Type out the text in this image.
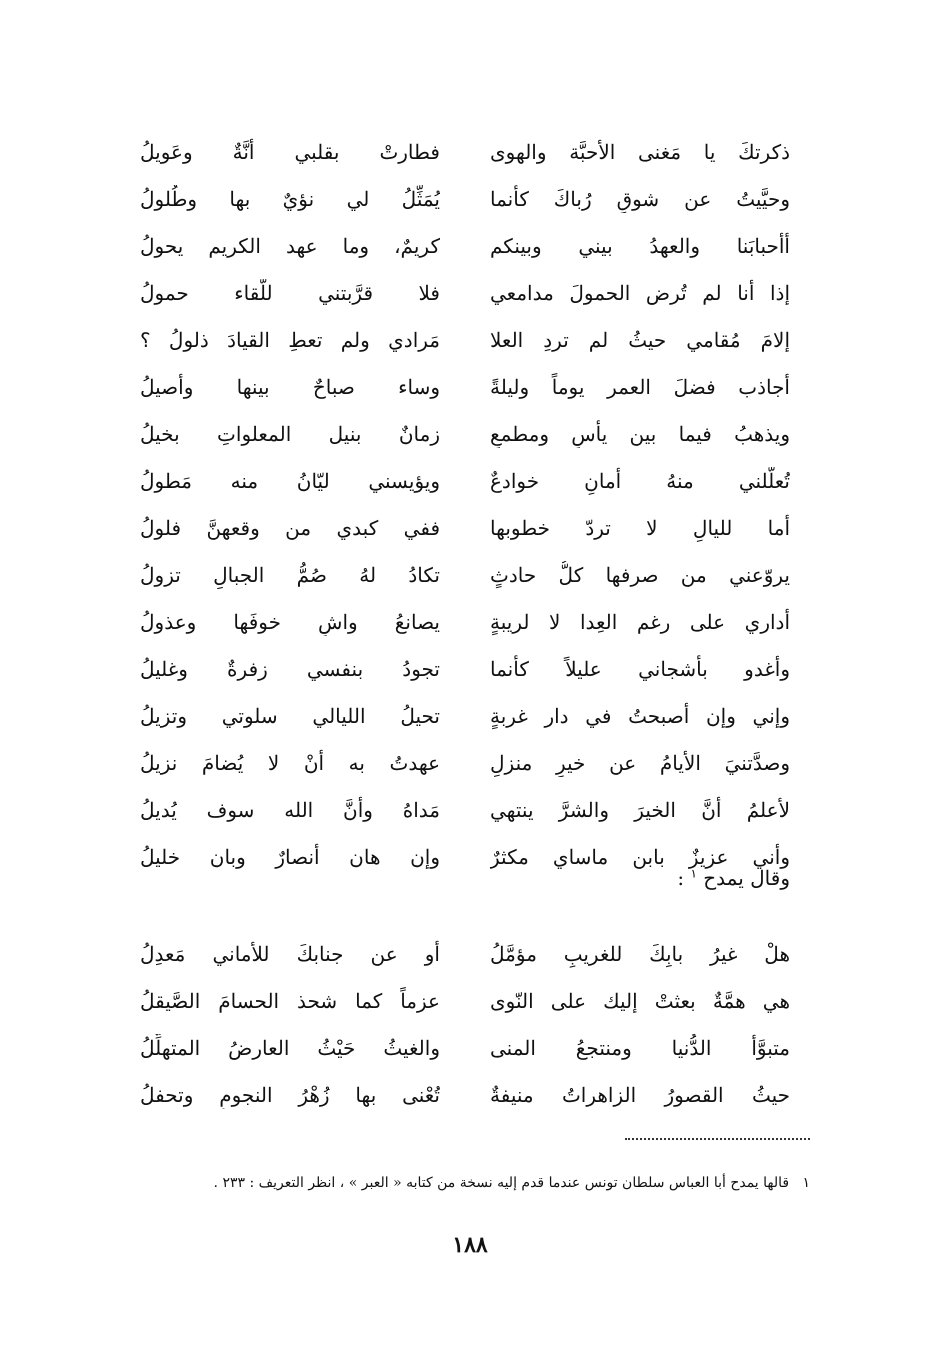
ذكرتكَ يا مَغنى الأحبَّة والهوى
فطارتْ بقلبي أنَّةٌ وعَويلُ
وحيَّيتُ عن شوقٍ رُباكَ كأنما
يُمَثِّلُ لي نؤيٌ بها وطُلولُ
أأحبابَنا والعهدُ بيني وبينكم
كريمٌ، وما عهد الكريم يحولُ
إذا أنا لم تُرضِ الحمولَ مدامعي
فلا قرَّبتني للّقاء حمولُ
إلامَ مُقامي حيثُ لم تردِ العلا
مَرادي ولم تعطِ القيادَ ذلولُ ؟
أجاذب فضلَ العمر يوماً وليلةً
وساء صباحٌ بينها وأصيلُ
ويذهبُ فيما بين يأسٍ ومطمعٍ
زمانٌ بنيل المعلواتِ بخيلُ
تُعلّلني منهُ أمانٍ خوادعٌ
ويؤيسني ليّانُ منه مَطولُ
أما لليالٍ لا تردّ خطوبها
ففي كبدي من وقعهنَّ فلولُ
يروّعني من صرفها كلُّ حادثٍ
تكادُ لهُ صُمُّ الجبالِ تزولُ
أداري على رغم العِدا لا لريبةٍ
يصانعُ واشٍ خوفَها وعذولُ
وأغدو بأشجاني عليلاً كأنما
تجودُ بنفسي زفرةٌ وغليلُ
وإني وإن أصبحتُ في دار غربةٍ
تحيلُ الليالي سلوتي وتزيلُ
وصدَّتنيَ الأيامُ عن خيرِ منزلٍ
عهدتُ به أنْ لا يُضامَ نزيلُ
لأعلمُ أنَّ الخيرَ والشرَّ ينتهي
مَداهُ وأنَّ الله سوف يُديلُ
وأني عزيزٌ بابن ماساي مكثرٌ
وإن هان أنصارٌ وبان خليلُ
وقال يمدح $^١$ :
هلْ غيرُ بابِكَ للغريبِ مؤمَّلُ
أو عن جنابكَ للأماني مَعدِلُ
هي همَّةٌ بعثتْ إليك على النّوى
عزماً كما شحذ الحسامَ الصَّيقلُ
متبوَّأ الدُّنيا ومنتجعُ المنى
والغيثُ حَيْثُ العارضُ المتهلِّلُ
حيثُ القصورُ الزاهراتُ منيفةٌ
تُعْنى بها زُهْرُ النجومِ وتحفلُ
١   قالها يمدح أبا العباس سلطان تونس عندما قدم إليه نسخة من كتابه « العبر » ، انظر التعريف : ٢٣٣ .
١٨٨
